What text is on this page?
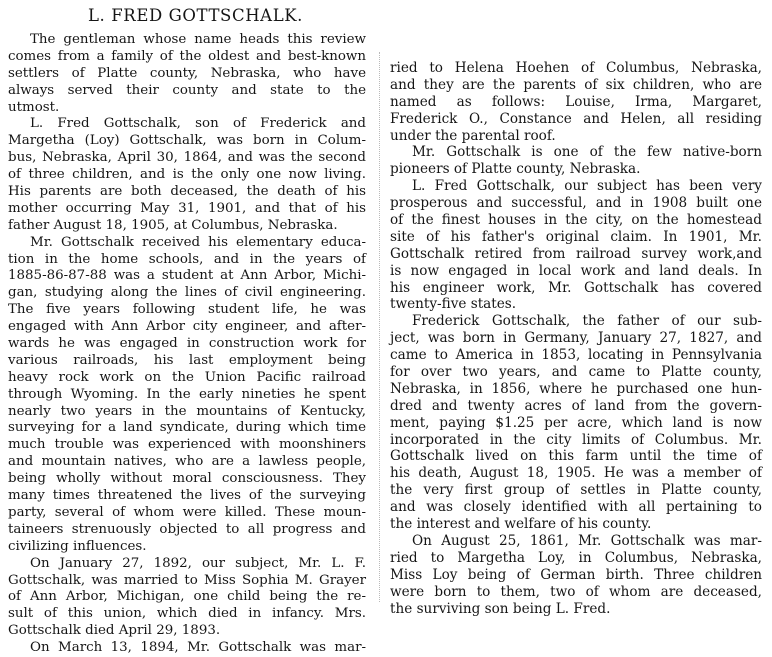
L. FRED GOTTSCHALK.
The gentleman whose name heads this review
comes from a family of the oldest and best-known
settlers of Platte county, Nebraska, who have
always served their county and state to the
utmost.
L. Fred Gottschalk, son of Frederick and
Margetha (Loy) Gottschalk, was born in Colum-
bus, Nebraska, April 30, 1864, and was the second
of three children, and is the only one now living.
His parents are both deceased, the death of his
mother occurring May 31, 1901, and that of his
father August 18, 1905, at Columbus, Nebraska.
Mr. Gottschalk received his elementary educa-
tion in the home schools, and in the years of
1885-86-87-88 was a student at Ann Arbor, Michi-
gan, studying along the lines of civil engineering.
The five years following student life, he was
engaged with Ann Arbor city engineer, and after-
wards he was engaged in construction work for
various railroads, his last employment being
heavy rock work on the Union Pacific railroad
through Wyoming. In the early nineties he spent
nearly two years in the mountains of Kentucky,
surveying for a land syndicate, during which time
much trouble was experienced with moonshiners
and mountain natives, who are a lawless people,
being wholly without moral consciousness. They
many times threatened the lives of the surveying
party, several of whom were killed. These moun-
taineers strenuously objected to all progress and
civilizing influences.
On January 27, 1892, our subject, Mr. L. F.
Gottschalk, was married to Miss Sophia M. Grayer
of Ann Arbor, Michigan, one child being the re-
sult of this union, which died in infancy. Mrs.
Gottschalk died April 29, 1893.
On March 13, 1894, Mr. Gottschalk was mar-
ried to Helena Hoehen of Columbus, Nebraska,
and they are the parents of six children, who are
named as follows: Louise, Irma, Margaret,
Frederick O., Constance and Helen, all residing
under the parental roof.
Mr. Gottschalk is one of the few native-born
pioneers of Platte county, Nebraska.
L. Fred Gottschalk, our subject has been very
prosperous and successful, and in 1908 built one
of the finest houses in the city, on the homestead
site of his father's original claim. In 1901, Mr.
Gottschalk retired from railroad survey work,and
is now engaged in local work and land deals. In
his engineer work, Mr. Gottschalk has covered
twenty-five states.
Frederick Gottschalk, the father of our sub-
ject, was born in Germany, January 27, 1827, and
came to America in 1853, locating in Pennsylvania
for over two years, and came to Platte county,
Nebraska, in 1856, where he purchased one hun-
dred and twenty acres of land from the govern-
ment, paying $1.25 per acre, which land is now
incorporated in the city limits of Columbus. Mr.
Gottschalk lived on this farm until the time of
his death, August 18, 1905. He was a member of
the very first group of settles in Platte county,
and was closely identified with all pertaining to
the interest and welfare of his county.
On August 25, 1861, Mr. Gottschalk was mar-
ried to Margetha Loy, in Columbus, Nebraska,
Miss Loy being of German birth. Three children
were born to them, two of whom are deceased,
the surviving son being L. Fred.
